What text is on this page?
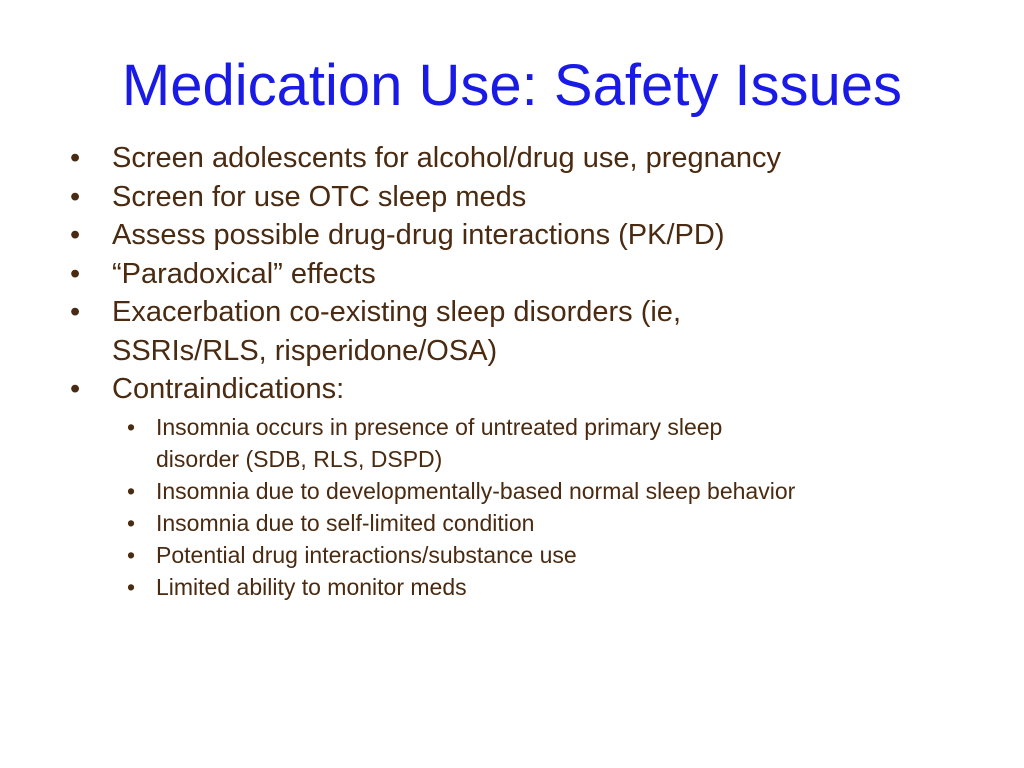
Medication Use: Safety Issues
•	Screen adolescents for alcohol/drug use, pregnancy
•	Screen for use OTC sleep meds
•	Assess possible drug-drug interactions (PK/PD)
•	“Paradoxical” effects
•	Exacerbation co-existing sleep disorders (ie,
SSRIs/RLS, risperidone/OSA)
•	Contraindications:
• Insomnia occurs in presence of untreated primary sleep
disorder (SDB, RLS, DSPD)
• Insomnia due to developmentally-based normal sleep behavior
• Insomnia due to self-limited condition
• Potential drug interactions/substance use
• Limited ability to monitor meds
